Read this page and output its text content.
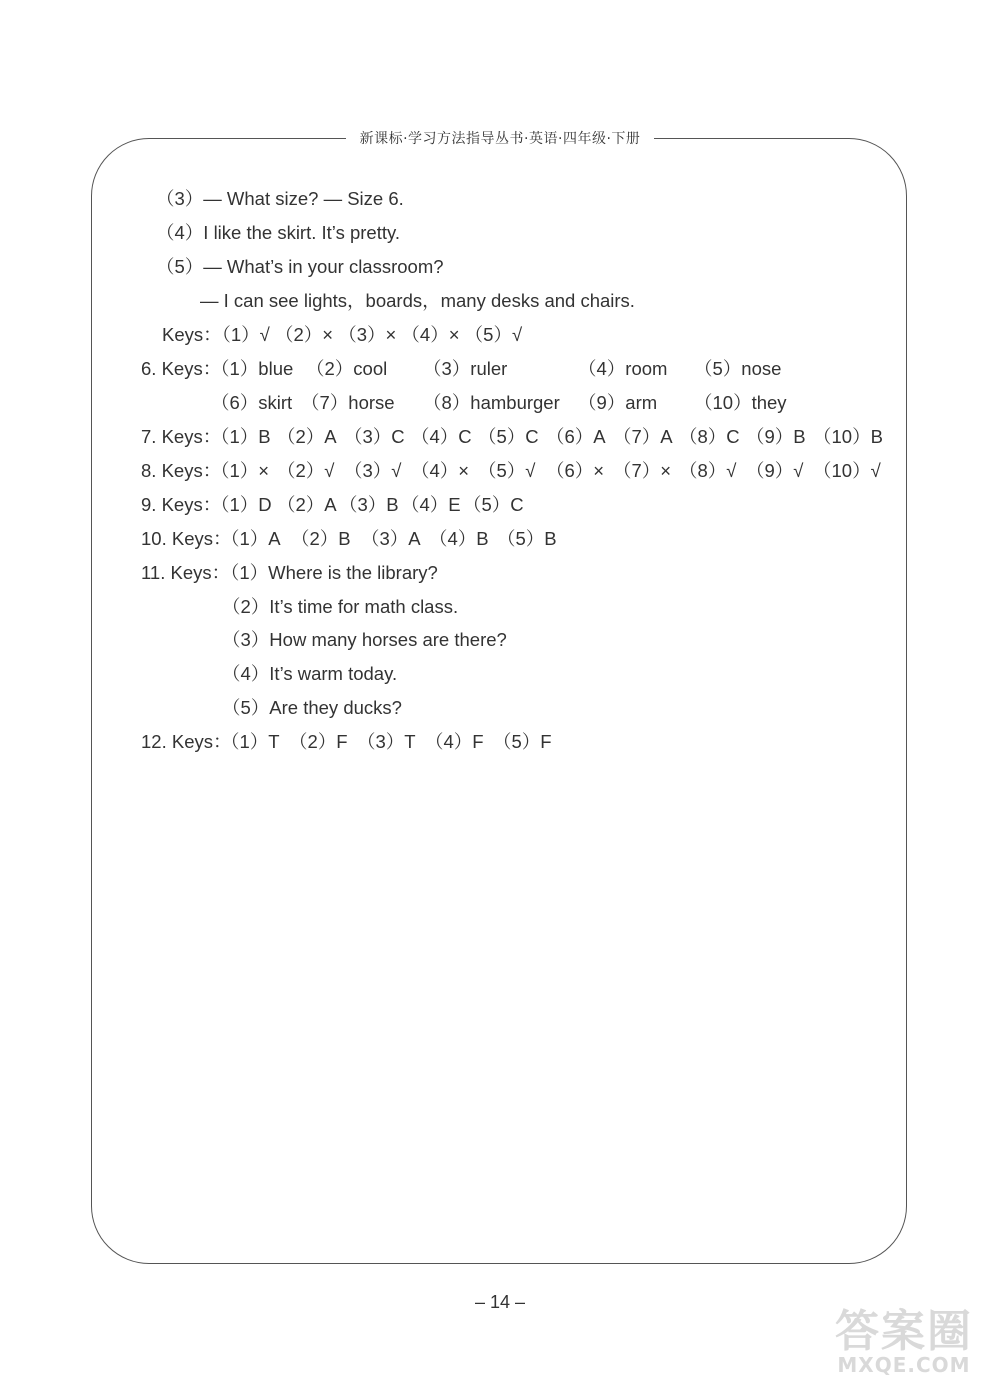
新课标·学习方法指导丛书·英语·四年级·下册
（3）— What size? — Size 6.
（4）I like the skirt. It’s pretty.
（5）— What’s in your classroom?
— I can see lights，boards，many desks and chairs.
Keys：（1）√ （2）× （3）× （4）× （5）√
6. Keys：
（1）blue （2）cool （3）ruler	（4）room （5）nose
（6）skirt （7）horse （8）hamburger （9）arm （10）they
7. Keys：
（1）B （2）A （3）C （4）C （5）C （6）A （7）A （8）C （9）B （10）B
8. Keys：
（1）× （2）√ （3）√ （4）× （5）√ （6）× （7）× （8）√ （9）√ （10）√
9. Keys：
（1）D （2）A （3）B （4）E （5）C
10. Keys：
（1）A （2）B （3）A （4）B （5）B
11. Keys：（1）Where is the library?
（2）It’s time for math class.
（3）How many horses are there?
（4）It’s warm today.
（5）Are they ducks?
12. Keys：
（1）T （2）F （3）T （4）F （5）F
– 14 –
答案圈
MXQE.COM
